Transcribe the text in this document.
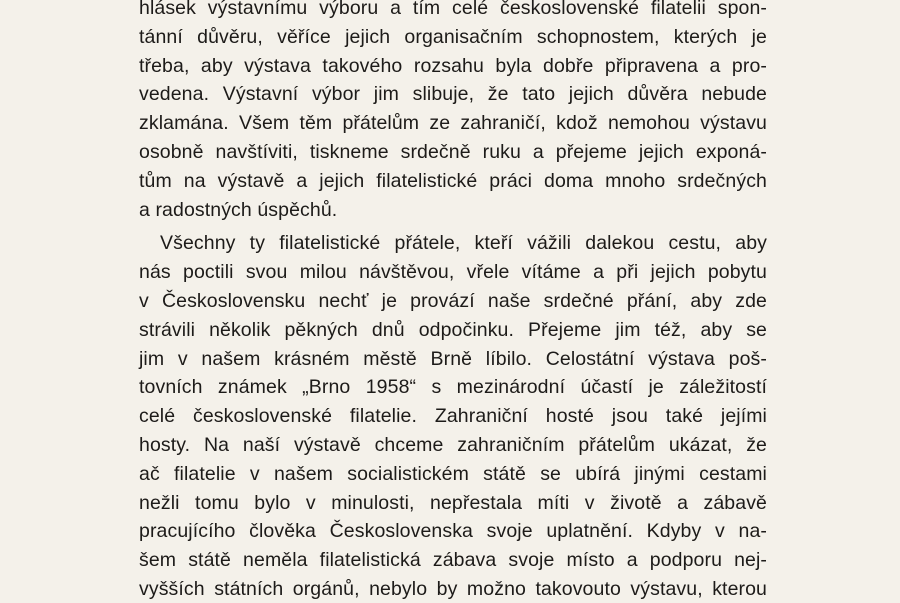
hlásek výstavnímu výboru a tím celé československé filatelii spon-
tánní důvěru, věříce jejich organisačním schopnostem, kterých je
třeba, aby výstava takového rozsahu byla dobře připravena a pro-
vedena. Výstavní výbor jim slibuje, že tato jejich důvěra nebude
zklamána. Všem těm přátelům ze zahraničí, kdož nemohou výstavu
osobně navštíviti, tiskneme srdečně ruku a přejeme jejich exponá-
tům na výstavě a jejich filatelistické práci doma mnoho srdečných
a radostných úspěchů.
Všechny ty filatelistické přátele, kteří vážili dalekou cestu, aby
nás poctili svou milou návštěvou, vřele vítáme a při jejich pobytu
v Československu nechť je provází naše srdečné přání, aby zde
strávili několik pěkných dnů odpočinku. Přejeme jim též, aby se
jim v našem krásném městě Brně líbilo. Celostátní výstava poš-
tovních známek „Brno 1958“ s mezinárodní účastí je záležitostí
celé československé filatelie. Zahraniční hosté jsou také jejími
hosty. Na naší výstavě chceme zahraničním přátelům ukázat, že
ač filatelie v našem socialistickém státě se ubírá jinými cestami
nežli tomu bylo v minulosti, nepřestala míti v životě a zábavě
pracujícího člověka Československa svoje uplatnění. Kdyby v na-
šem státě neměla filatelistická zábava svoje místo a podporu nej-
vyšších státních orgánů, nebylo by možno takovouto výstavu, kterou
